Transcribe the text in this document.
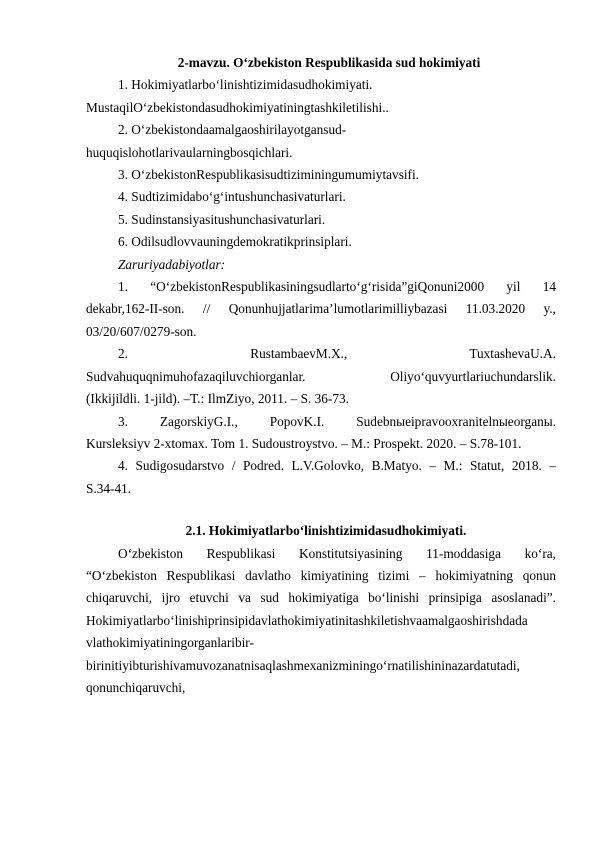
2-mavzu. O‘zbekiston Respublikasida sud hokimiyati

1. Hokimiyatlarbo‘linishtizimidasudhokimiyati.

MustaqilO‘zbekistondasudhokimiyatiningtashkiletilishi..

2. O‘zbekistondaamalgaoshirilayotgansud-

huquqislohotlarivaularningbosqichlari.

3. O‘zbekistonRespublikasisudtiziminingumumiytavsifi.

4. Sudtizimidabo‘g‘intushunchasivaturlari.

5. Sudinstansiyasitushunchasivaturlari.

6. Odilsudlovvauningdemokratikprinsiplari.

Zaruriyadabiyotlar:

1. “O‘zbekistonRespublikasiningsudlarto‘g‘risida”giQonuni2000 yil 14

dekabr,162-II-son. // Qonunhujjatlarima’lumotlarimilliybazasi 11.03.2020 y.,

03/20/607/0279-son.

2. RustambaevM.X., TuxtashevaU.A.

Sudvahuquqnimuhofazaqiluvchiorganlar. Oliyo‘quvyurtlariuchundarslik.

(Ikkijildli. 1-jild). –T.: IlmZiyo, 2011. – S. 36-73.

3. ZagorskiyG.I., PopovK.I. Sudebnыeipravooxranitelnыeorganы.

Kursleksiyv 2-xtomax. Tom 1. Sudoustroystvo. – M.: Prospekt. 2020. – S.78-101.

4. Sudigosudarstvo / Podred. L.V.Golovko, B.Matyo. – M.: Statut, 2018. –

S.34-41.

2.1. Hokimiyatlarbo‘linishtizimidasudhokimiyati.

O‘zbekiston Respublikasi Konstitutsiyasining 11-moddasiga ko‘ra,

“O‘zbekiston Respublikasi davlatho kimiyatining tizimi – hokimiyatning qonun

chiqaruvchi, ijro etuvchi va sud hokimiyatiga bo‘linishi prinsipiga asoslanadi”.

Hokimiyatlarbo‘linishiprinsipidavlathokimiyatinitashkiletishvaamalgaoshirishdada

vlathokimiyatiningorganlaribir-

birinitiyibturishivamuvozanatnisaqlashmexanizminingo‘rnatilishininazardatutadi,

qonunchiqaruvchi,
